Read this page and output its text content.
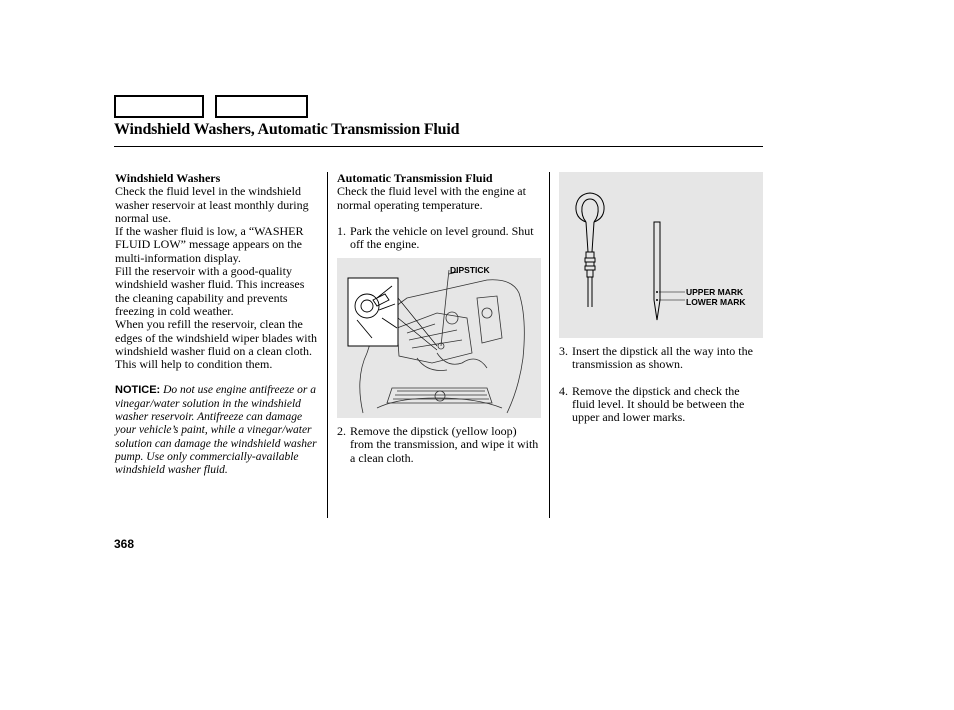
Windshield Washers, Automatic Transmission Fluid

Windshield Washers

Check the fluid level in the windshield washer reservoir at least monthly during normal use.

If the washer fluid is low, a “WASHER FLUID LOW” message appears on the multi-information display.

Fill the reservoir with a good-quality windshield washer fluid. This increases the cleaning capability and prevents freezing in cold weather.

When you refill the reservoir, clean the edges of the windshield wiper blades with windshield washer fluid on a clean cloth. This will help to condition them.

NOTICE: Do not use engine antifreeze or a vinegar/water solution in the windshield washer reservoir. Antifreeze can damage your vehicle’s paint, while a vinegar/water solution can damage the windshield washer pump. Use only commercially-available windshield washer fluid.

Automatic Transmission Fluid

Check the fluid level with the engine at normal operating temperature.

1. Park the vehicle on level ground. Shut off the engine.
DIPSTICK
2. Remove the dipstick (yellow loop) from the transmission, and wipe it with a clean cloth.
UPPER MARK
LOWER MARK
3. Insert the dipstick all the way into the transmission as shown.
4. Remove the dipstick and check the fluid level. It should be between the upper and lower marks.
368
